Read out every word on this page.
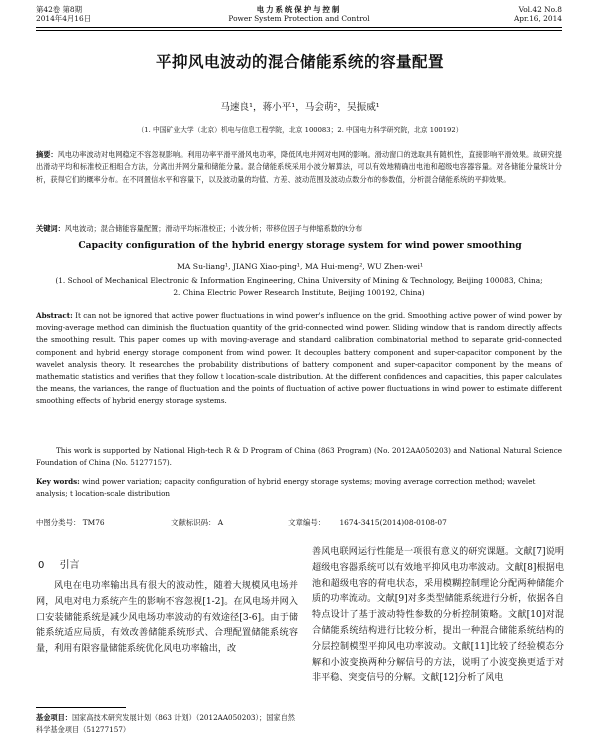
第42卷 第8期
2014年4月16日
电力系统保护与控制
Power System Protection and Control
Vol.42 No.8
Apr.16, 2014
平抑风电波动的混合储能系统的容量配置
马速良¹，蒋小平¹，马会萌²，吴振威¹
（1. 中国矿业大学（北京）机电与信息工程学院，北京 100083；2. 中国电力科学研究院，北京 100192）
摘要：风电功率波动对电网稳定不容忽视影响。利用功率平滑平滑风电功率，降低风电并网对电网的影响。滑动窗口的选取具有随机性，直接影响平滑效果。故研究提出滑动平均和标准校正相组合方法，分离出并网分量和储能分量。混合储能系统采用小波分解算法，可以有效地精确出电池和超级电容器容量。对各储能分量统计分析，获得它们的概率分布。在不同置信水平和容量下，以及波动量的均值、方差、波动范围及波动点数分布的参数值，分析混合储能系统的平抑效果。
关键词：风电波动；混合储能容量配置；滑动平均标准校正；小波分析；带移位因子与伸缩系数的t分布
Capacity configuration of the hybrid energy storage system for wind power smoothing
MA Su-liang¹, JIANG Xiao-ping¹, MA Hui-meng², WU Zhen-wei¹
(1. School of Mechanical Electronic & Information Engineering, China University of Mining & Technology, Beijing 100083, China;
2. China Electric Power Research Institute, Beijing 100192, China)
Abstract: It can not be ignored that active power fluctuations in wind power's influence on the grid. Smoothing active power of wind power by moving-average method can diminish the fluctuation quantity of the grid-connected wind power. Sliding window that is random directly affects the smoothing result. This paper comes up with moving-average and standard calibration combinatorial method to separate grid-connected component and hybrid energy storage component from wind power. It decouples battery component and super-capacitor component by the wavelet analysis theory. It researches the probability distributions of battery component and super-capacitor component by the means of mathematic statistics and verifies that they follow t location-scale distribution. At the different confidences and capacities, this paper calculates the means, the variances, the range of fluctuation and the points of fluctuation of active power fluctuations in wind power to estimate different smoothing effects of hybrid energy storage systems.
This work is supported by National High-tech R & D Program of China (863 Program) (No. 2012AA050203) and National Natural Science Foundation of China (No. 51277157).
Key words: wind power variation; capacity configuration of hybrid energy storage systems; moving average correction method; wavelet analysis; t location-scale distribution
中图分类号： TM76	文献标识码： A	文章编号： 1674-3415(2014)08-0108-07
0 引言
风电在电功率输出具有很大的波动性，随着大规模风电场并网，风电对电力系统产生的影响不容忽视[1-2]。在风电场并网入口安装储能系统是减少风电场功率波动的有效途径[3-6]。由于储能系统适应局质，有效改善储能系统形式、合理配置储能系统容量，利用有限容量储能系统优化风电功率输出，改
善风电联网运行性能是一项很有意义的研究课题。文献[7]说明超级电容器系统可以有效地平抑风电功率波动。文献[8]根据电池和超级电容的荷电状态，采用模糊控制理论分配两种储能介质的功率流动。文献[9]对多类型储能系统进行分析，依据各自特点设计了基于波动特性参数的分析控制策略。文献[10]对混合储能系统结构进行比较分析，提出一种混合储能系统结构的分层控制模型平抑风电功率波动。文献[11]比较了经验模态分解和小波变换两种分解信号的方法，说明了小波变换更适于对非平稳、突变信号的分解。文献[12]分析了风电
基金项目：国家高技术研究发展计划（863 计划）（2012AA050203）；国家自然科学基金项目（51277157）
